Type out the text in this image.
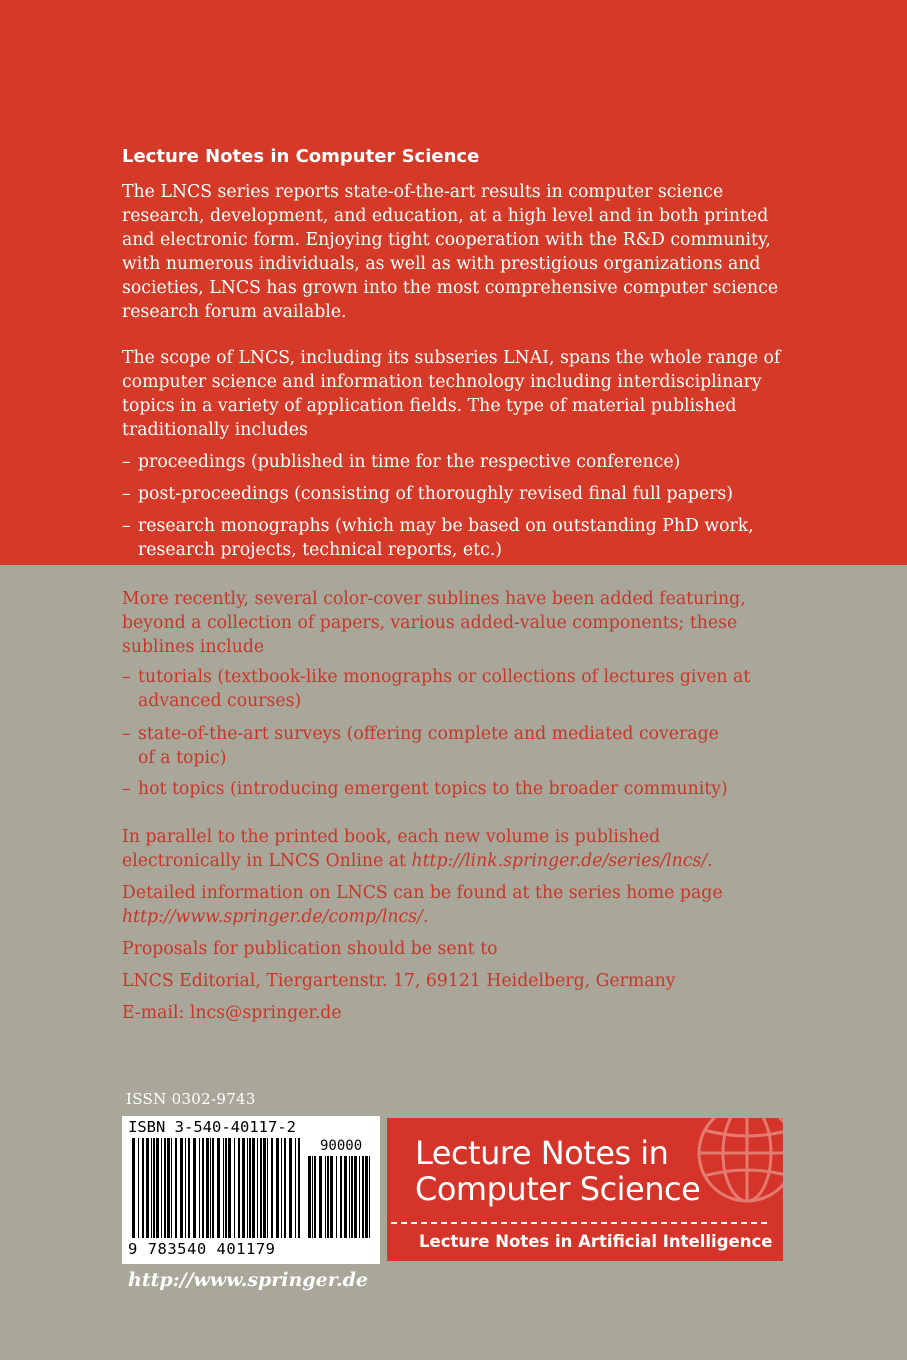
Lecture Notes in Computer Science
The LNCS series reports state-of-the-art results in computer science
research, development, and education, at a high level and in both printed
and electronic form. Enjoying tight cooperation with the R&D community,
with numerous individuals, as well as with prestigious organizations and
societies, LNCS has grown into the most comprehensive computer science
research forum available.
The scope of LNCS, including its subseries LNAI, spans the whole range of
computer science and information technology including interdisciplinary
topics in a variety of application fields. The type of material published
traditionally includes
– proceedings (published in time for the respective conference)
– post-proceedings (consisting of thoroughly revised final full papers)
– research monographs (which may be based on outstanding PhD work,
research projects, technical reports, etc.)
More recently, several color-cover sublines have been added featuring,
beyond a collection of papers, various added-value components; these
sublines include
– tutorials (textbook-like monographs or collections of lectures given at
advanced courses)
– state-of-the-art surveys (offering complete and mediated coverage
of a topic)
– hot topics (introducing emergent topics to the broader community)
In parallel to the printed book, each new volume is published
electronically in LNCS Online at http://link.springer.de/series/lncs/.
Detailed information on LNCS can be found at the series home page
http://www.springer.de/comp/lncs/.
Proposals for publication should be sent to
LNCS Editorial, Tiergartenstr. 17, 69121 Heidelberg, Germany
E-mail: lncs@springer.de
ISSN 0302-9743
ISBN 3-540-40117-2
90000
9 783540 401179
Lecture Notes in
Computer Science
Lecture Notes in Artificial Intelligence
http://www.springer.de
